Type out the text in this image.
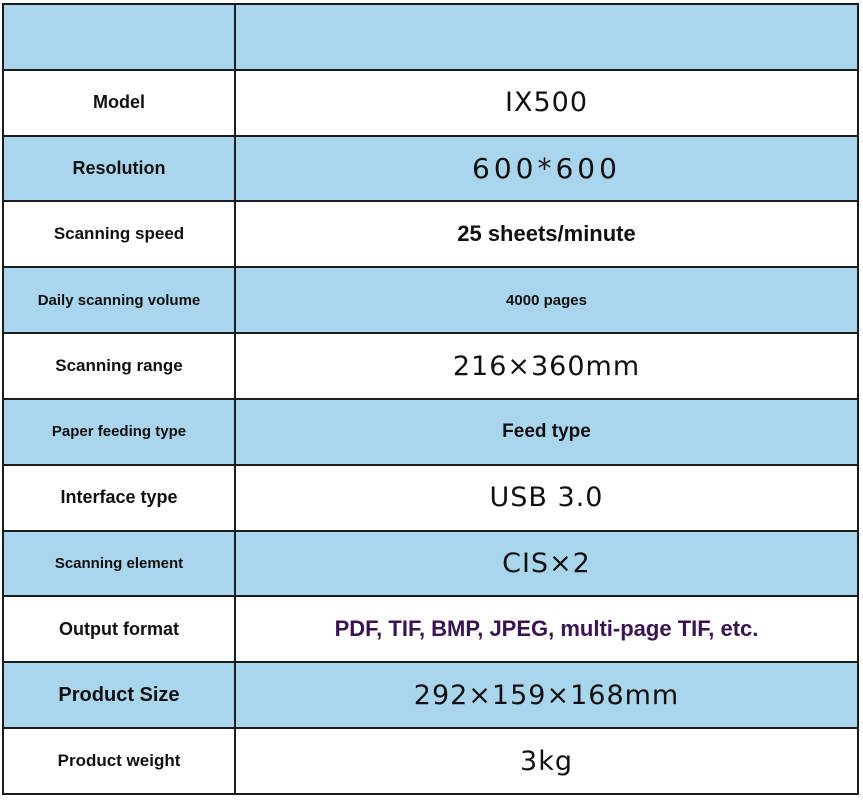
Model	IX500
Resolution	600*600
Scanning speed	25 sheets/minute
Daily scanning volume	4000 pages
Scanning range	216×360mm
Paper feeding type	Feed type
Interface type	USB 3.0
Scanning element	CIS×2
Output format	PDF, TIF, BMP, JPEG, multi-page TIF, etc.
Product Size	292×159×168mm
Product weight	3kg
